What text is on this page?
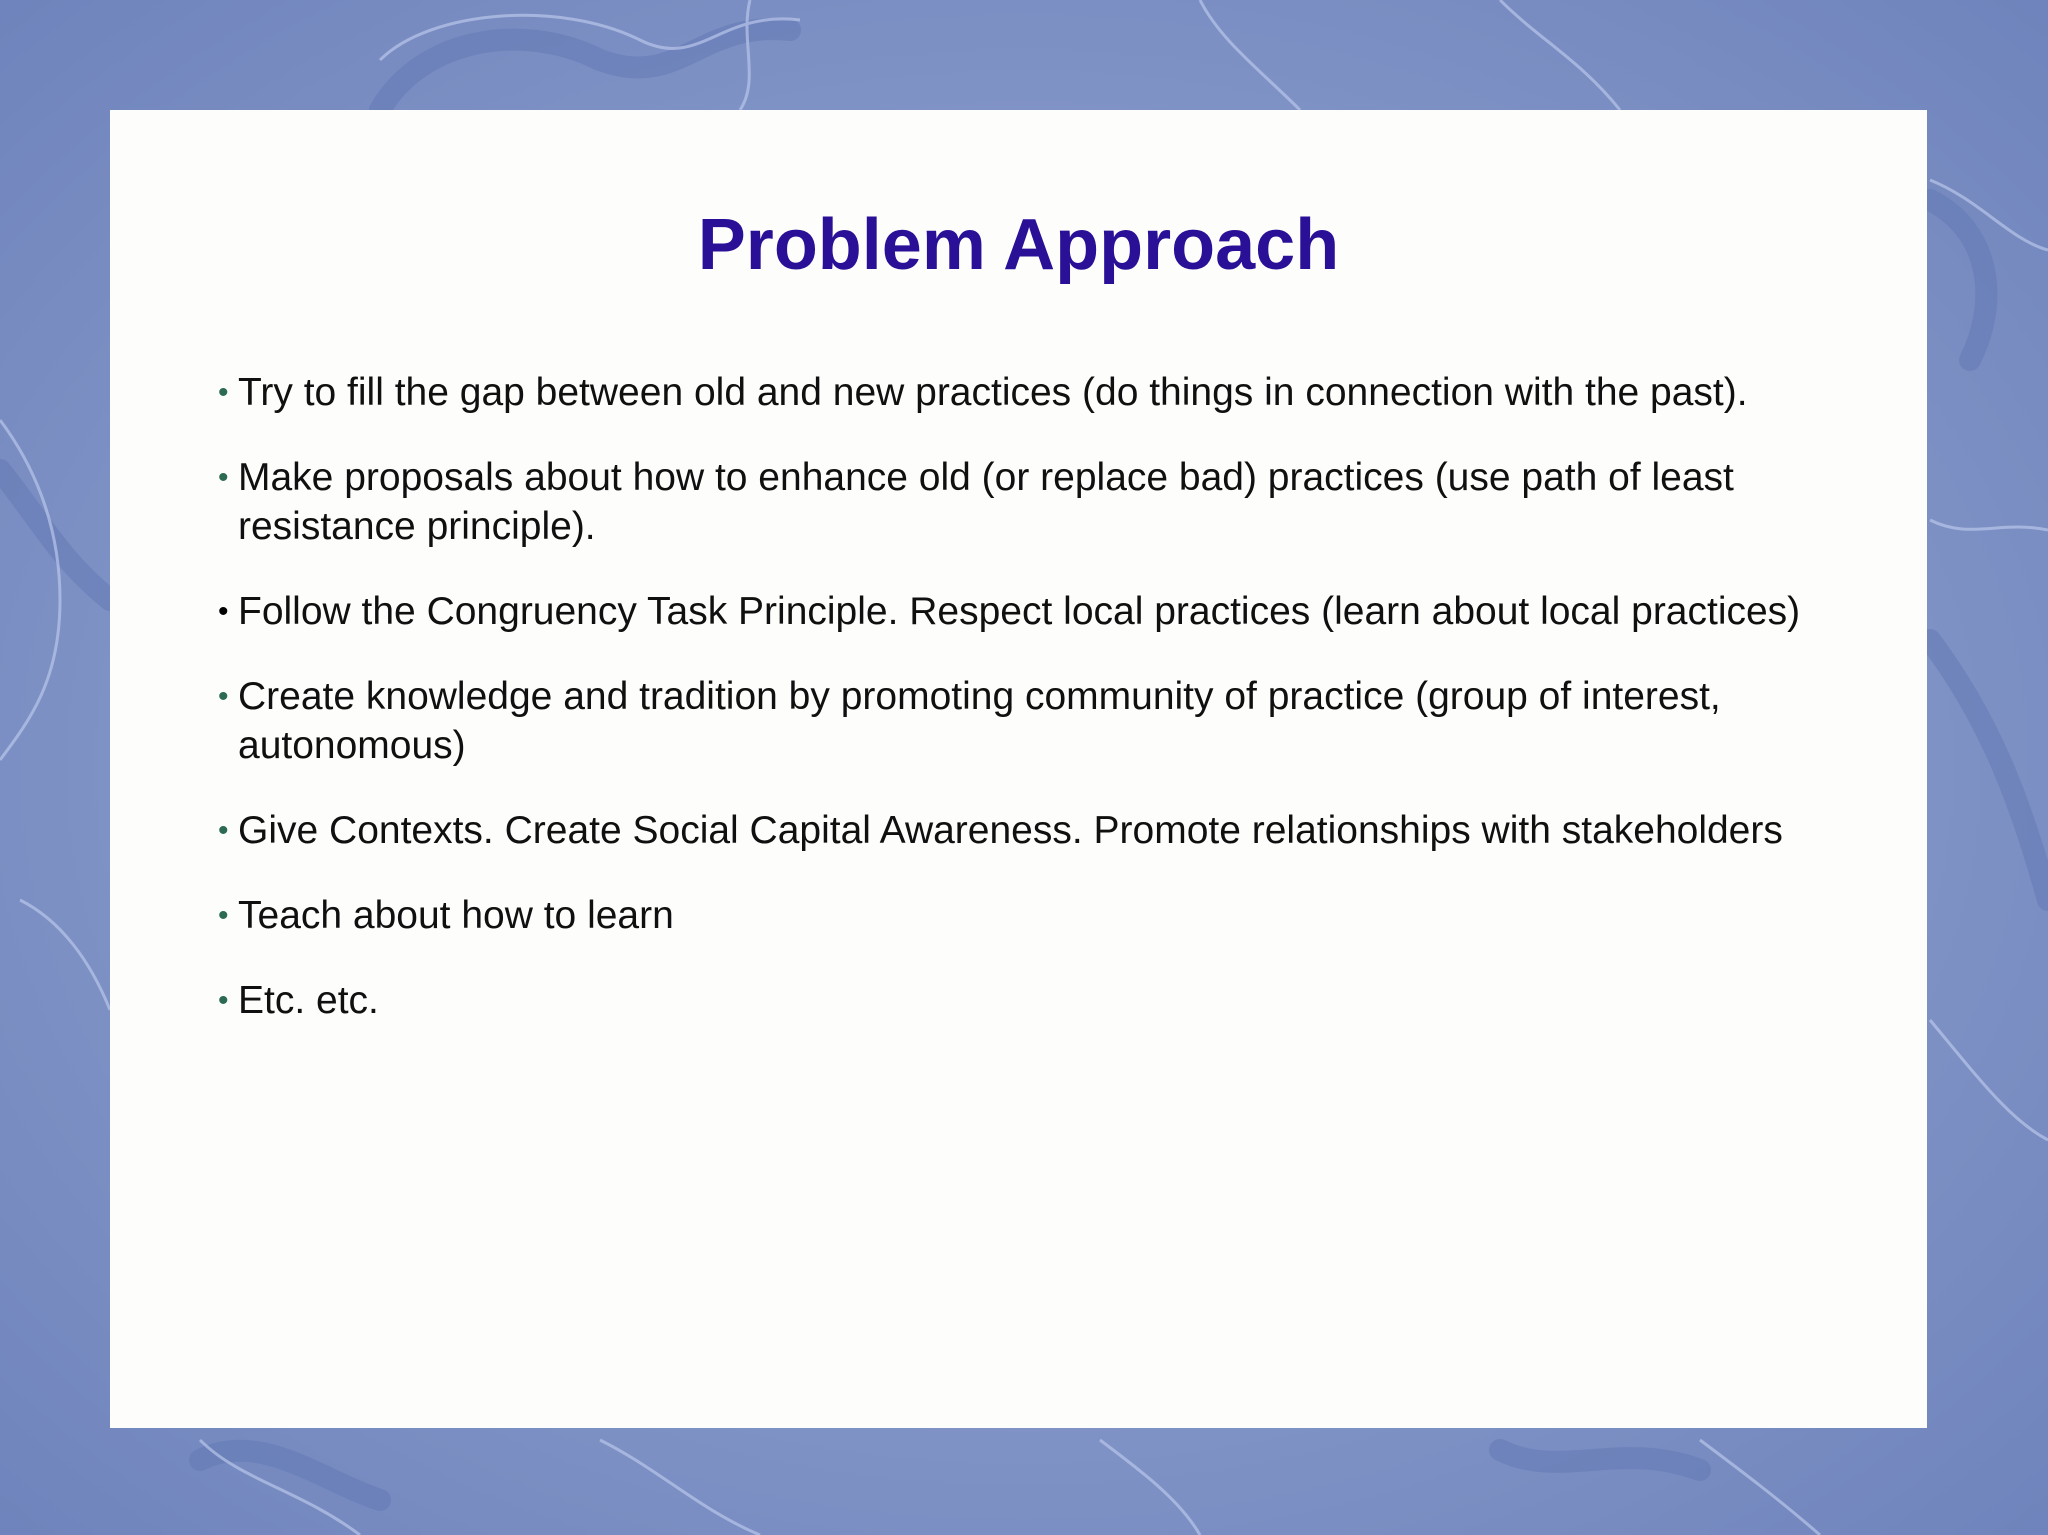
Problem Approach
• Try to fill the gap between old and new practices (do things in connection with the past).
• Make proposals about how to enhance old (or replace bad) practices (use path of least resistance principle).
• Follow the Congruency Task Principle. Respect local practices (learn about local practices)
• Create knowledge and tradition by promoting community of practice (group of interest, autonomous)
• Give Contexts. Create Social Capital Awareness. Promote relationships with stakeholders
• Teach about how to learn
• Etc. etc.
